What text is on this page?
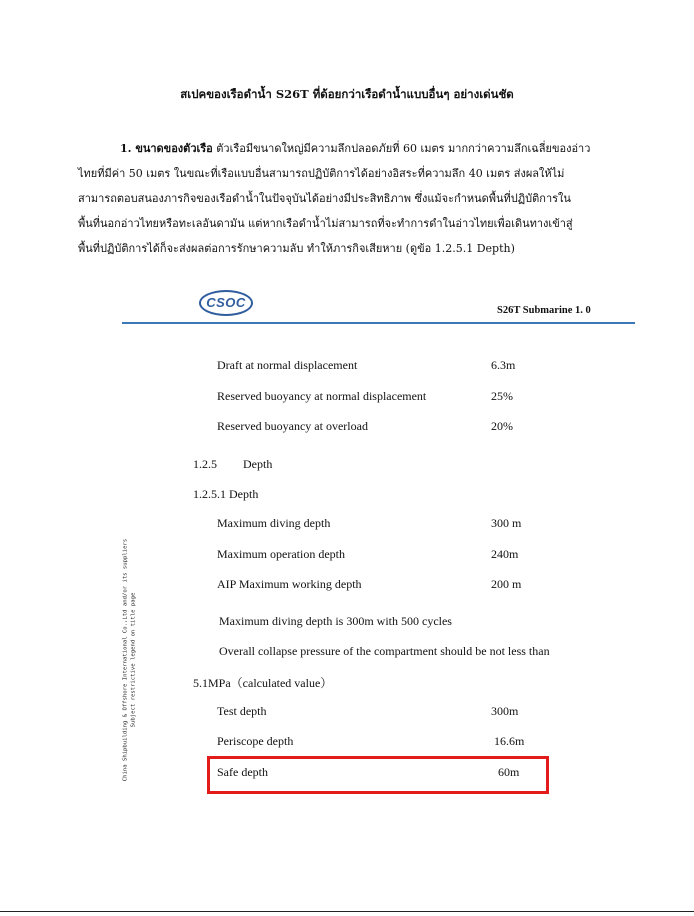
สเปคของเรือดำน้ำ S26T ที่ด้อยกว่าเรือดำน้ำแบบอื่นๆ อย่างเด่นชัด
1. ขนาดของตัวเรือ ตัวเรือมีขนาดใหญ่มีความลึกปลอดภัยที่ 60 เมตร มากกว่าความลึกเฉลี่ยของอ่าว
ไทยที่มีค่า 50 เมตร ในขณะที่เรือแบบอื่นสามารถปฏิบัติการได้อย่างอิสระที่ความลึก 40 เมตร ส่งผลให้ไม่
สามารถตอบสนองภารกิจของเรือดำน้ำในปัจจุบันได้อย่างมีประสิทธิภาพ ซึ่งแม้จะกำหนดพื้นที่ปฏิบัติการใน
พื้นที่นอกอ่าวไทยหรือทะเลอันดามัน แต่หากเรือดำน้ำไม่สามารถที่จะทำการดำในอ่าวไทยเพื่อเดินทางเข้าสู่
พื้นที่ปฏิบัติการได้ก็จะส่งผลต่อการรักษาความลับ ทำให้ภารกิจเสียหาย (ดูข้อ 1.2.5.1 Depth)
CSOC
S26T Submarine 1. 0
Draft at normal displacement	6.3m
Reserved buoyancy at normal displacement	25%
Reserved buoyancy at overload	20%
1.2.5 Depth
1.2.5.1 Depth
Maximum diving depth	300 m
Maximum operation depth	240m
AIP Maximum working depth	200 m
Maximum diving depth is 300m with 500 cycles
Overall collapse pressure of the compartment should be not less than
5.1MPa（calculated value）
Test depth	300m
Periscope depth	16.6m
Safe depth	60m
China Shipbuilding & Offshore International Co.,Ltd and/or its suppliers Subject restrictive legend on title page
